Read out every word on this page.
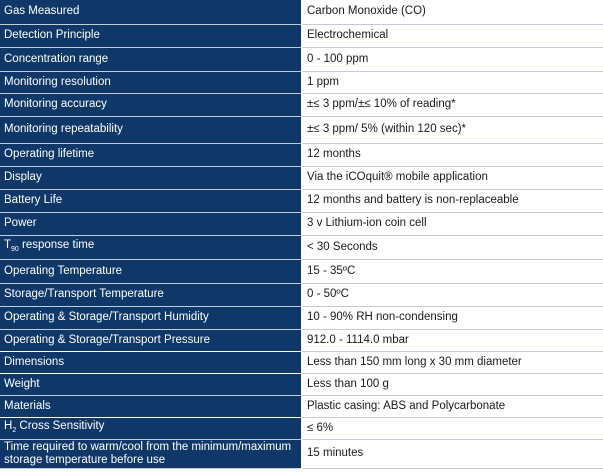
Gas Measured	Carbon Monoxide (CO)
Detection Principle	Electrochemical
Concentration range	0 - 100 ppm
Monitoring resolution	1 ppm
Monitoring accuracy	±≤ 3 ppm/±≤ 10% of reading*
Monitoring repeatability	±≤ 3 ppm/ 5% (within 120 sec)*
Operating lifetime	12 months
Display	Via the iCOquit® mobile application
Battery Life	12 months and battery is non-replaceable
Power	3 v Lithium-ion coin cell
$T_{90}$ response time	< 30 Seconds
Operating Temperature	15 - 35ºC
Storage/Transport Temperature	0 - 50ºC
Operating & Storage/Transport Humidity	10 - 90% RH non-condensing
Operating & Storage/Transport Pressure	912.0 - 1114.0 mbar
Dimensions	Less than 150 mm long x 30 mm diameter
Weight	Less than 100 g
Materials	Plastic casing: ABS and Polycarbonate
$H_2$ Cross Sensitivity	≤ 6%
Time required to warm/cool from the minimum/maximum storage temperature before use	15 minutes
